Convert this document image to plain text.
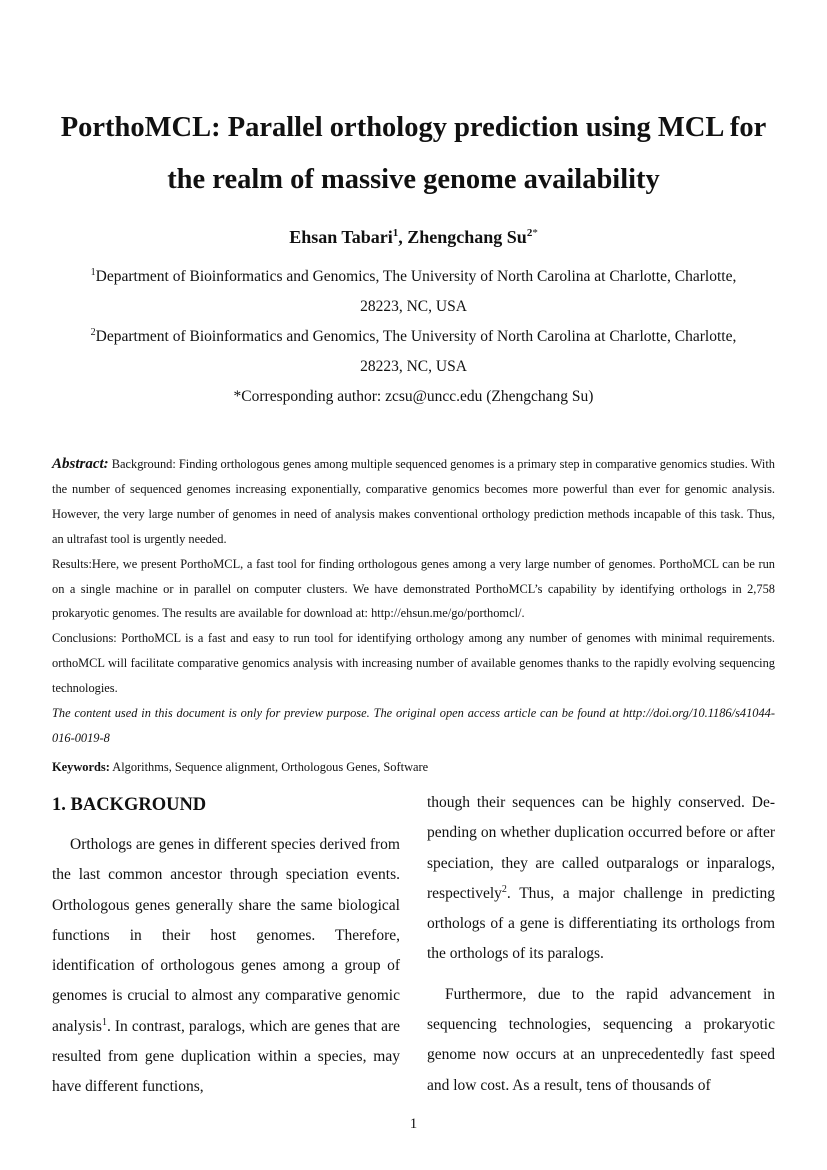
PorthoMCL: Parallel orthology prediction using MCL for
the realm of massive genome availability
Ehsan Tabari$^1$, Zhengchang $Su^{2*}$
$^1$Department of Bioinformatics and Genomics, The University of North Carolina at Charlotte, Charlotte,
28223, NC, USA
$^2$Department of Bioinformatics and Genomics, The University of North Carolina at Charlotte, Charlotte,
28223, NC, USA
*Corresponding author: zcsu@uncc.edu (Zhengchang Su)

Abstract: Background: Finding orthologous genes among multiple sequenced genomes is a primary step in comparative genomics studies. With the number of sequenced genomes increasing exponentially, comparative genomics becomes more powerful than ever for genomic analysis. However, the very large number of genomes in need of analysis makes conventional orthology prediction methods incapable of this task. Thus, an ultrafast tool is urgently needed.

Results:Here, we present PorthoMCL, a fast tool for finding orthologous genes among a very large number of genomes. PorthoMCL can be run on a single machine or in parallel on computer clusters. We have demonstrated PorthoMCL’s capability by identifying orthologs in 2,758 prokaryotic genomes. The results are available for download at: http://ehsun.me/go/porthomcl/.

Conclusions: PorthoMCL is a fast and easy to run tool for identifying orthology among any number of genomes with minimal requirements. orthoMCL will facilitate comparative genomics analysis with increasing number of available genomes thanks to the rapidly evolving sequencing technologies.

The content used in this document is only for preview purpose. The original open access article can be found at http://doi.org/10.1186/s41044-016-0019-8

Keywords: Algorithms, Sequence alignment, Orthologous Genes, Software

1. BACKGROUND

Orthologs are genes in different species derived from the last common ancestor through speciation events. Orthologous genes generally share the same biological functions in their host genomes. Therefore, identification of orthologous genes among a group of genomes is crucial to almost any comparative genomic analysis$^1$. In contrast, paralogs, which are genes that are resulted from gene duplication within a species, may have different functions,

though their sequences can be highly conserved. Depending on whether duplication occurred before or after speciation, they are called outparalogs or inparalogs, respectively$^2$. Thus, a major challenge in predicting orthologs of a gene is differentiating its orthologs from the orthologs of its paralogs.

Furthermore, due to the rapid advancement in sequencing technologies, sequencing a prokaryotic genome now occurs at an unprecedentedly fast speed and low cost. As a result, tens of thousands of

1
